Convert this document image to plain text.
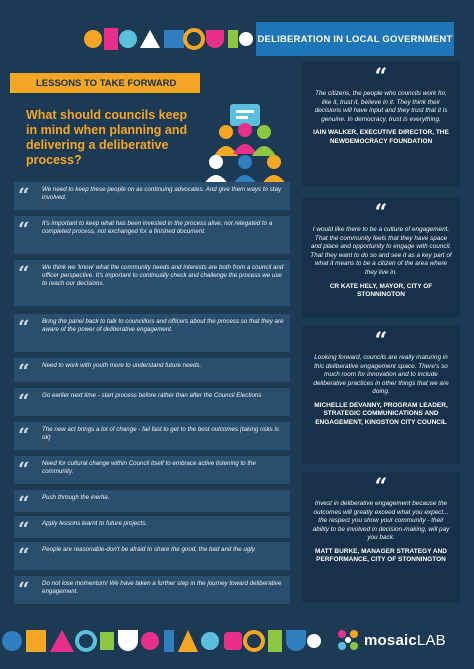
DELIBERATION IN LOCAL GOVERNMENT
LESSONS TO TAKE FORWARD
What should councils keep in mind when planning and delivering a deliberative process?
“	We need to keep these people on as continuing advocates. And give them ways to stay involved.
“	It's important to keep what has been invested in the process alive, not relegated to a completed process, not exchanged for a finished document.
“	We think we 'know' what the community needs and interests are both from a council and officer perspective. It's important to continually check and challenge the process we use to reach our decisions.
“	Bring the panel back to talk to councillors and officers about the process so that they are aware of the power of deliberative engagement.
“	Need to work with youth more to understand future needs.
“	Go earlier next time - start process before rather than after the Council Elections
“	The new act brings a lot of change - fail fast to get to the best outcomes (taking risks is ok)
“	Need for cultural change within Council itself to embrace active listening to the community.
“	Push through the inertia.
“	Apply lessons learnt to future projects.
“	People are reasonable-don't be afraid to share the good, the bad and the ugly.
“	Do not lose momentum! We have taken a further step in the journey toward deliberative engagement.
“
The citizens, the people who councils work for, like it, trust it, believe in it. They think their decisions will have input and they trust that it is genuine. In democracy, trust is everything.
IAIN WALKER, EXECUTIVE DIRECTOR, THE NEWDEMOCRACY FOUNDATION
“
I would like there to be a culture of engagement. That the community feels that they have space and place and opportunity to engage with council. That they want to do so and see it as a key part of what it means to be a citizen of the area where they live in.
CR KATE HELY, MAYOR, CITY OF STONNINGTON
“
Looking forward, councils are really maturing in this deliberative engagement space. There's so much room for innovation and to include deliberative practices in other things that we are doing.
MICHELLE DEVANNY, PROGRAM LEADER, STRATEGIC COMMUNICATIONS AND ENGAGEMENT, KINGSTON CITY COUNCIL
“
Invest in deliberative engagement because the outcomes will greatly exceed what you expect... the respect you show your community - their ability to be involved in decision-making, will pay you back.
MATT BURKE, MANAGER STRATEGY AND PERFORMANCE, CITY OF STONNINGTON
mosaicLAB
